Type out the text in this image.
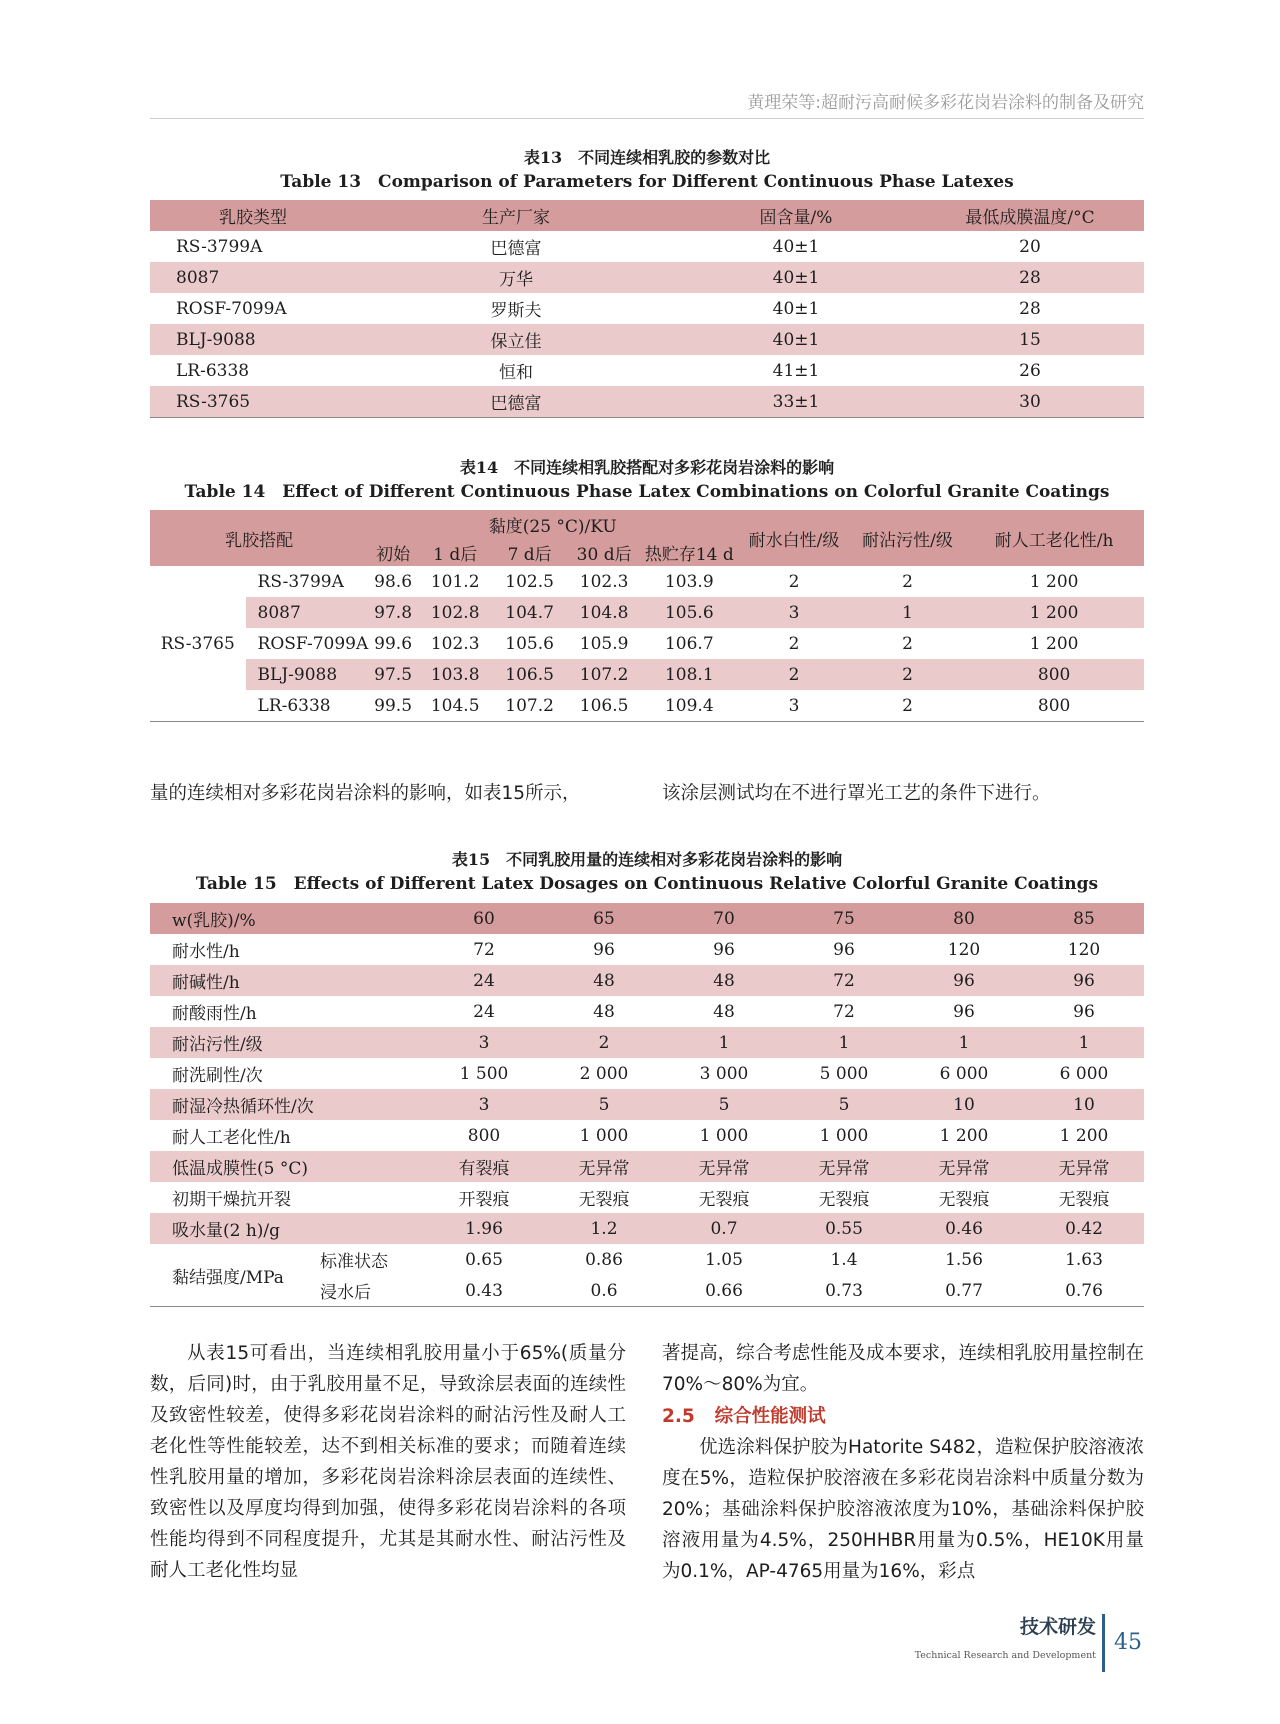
黄理荣等:超耐污高耐候多彩花岗岩涂料的制备及研究
表13　不同连续相乳胶的参数对比
Table 13　Comparison of Parameters for Different Continuous Phase Latexes
乳胶类型	生产厂家	固含量/%	最低成膜温度/°C
RS-3799A	巴德富	40±1	20
8087	万华	40±1	28
ROSF-7099A	罗斯夫	40±1	28
BLJ-9088	保立佳	40±1	15
LR-6338	恒和	41±1	26
RS-3765	巴德富	33±1	30
表14　不同连续相乳胶搭配对多彩花岗岩涂料的影响
Table 14　Effect of Different Continuous Phase Latex Combinations on Colorful Granite Coatings
乳胶搭配		黏度(25 °C)/KU					耐水白性/级	耐沾污性/级	耐人工老化性/h
		初始	1 d后	7 d后	30 d后	热贮存14 d			
RS-3765	RS-3799A	98.6	101.2	102.5	102.3	103.9	2	2	1 200
	8087	97.8	102.8	104.7	104.8	105.6	3	1	1 200
	ROSF-7099A	99.6	102.3	105.6	105.9	106.7	2	2	1 200
	BLJ-9088	97.5	103.8	106.5	107.2	108.1	2	2	800
	LR-6338	99.5	104.5	107.2	106.5	109.4	3	2	800
量的连续相对多彩花岗岩涂料的影响，如表15所示，	该涂层测试均在不进行罩光工艺的条件下进行。
表15　不同乳胶用量的连续相对多彩花岗岩涂料的影响
Table 15　Effects of Different Latex Dosages on Continuous Relative Colorful Granite Coatings
w(乳胶)/%		60	65	70	75	80	85
耐水性/h		72	96	96	96	120	120
耐碱性/h		24	48	48	72	96	96
耐酸雨性/h		24	48	48	72	96	96
耐沾污性/级		3	2	1	1	1	1
耐洗刷性/次		1 500	2 000	3 000	5 000	6 000	6 000
耐湿冷热循环性/次		3	5	5	5	10	10
耐人工老化性/h		800	1 000	1 000	1 000	1 200	1 200
低温成膜性(5 °C)		有裂痕	无异常	无异常	无异常	无异常	无异常
初期干燥抗开裂		开裂痕	无裂痕	无裂痕	无裂痕	无裂痕	无裂痕
吸水量(2 h)/g		1.96	1.2	0.7	0.55	0.46	0.42
黏结强度/MPa	标准状态	0.65	0.86	1.05	1.4	1.56	1.63
	浸水后	0.43	0.6	0.66	0.73	0.77	0.76
从表15可看出，当连续相乳胶用量小于65%(质量分数，后同)时，由于乳胶用量不足，导致涂层表面的连续性及致密性较差，使得多彩花岗岩涂料的耐沾污性及耐人工老化性等性能较差，达不到相关标准的要求；而随着连续性乳胶用量的增加，多彩花岗岩涂料涂层表面的连续性、致密性以及厚度均得到加强，使得多彩花岗岩涂料的各项性能均得到不同程度提升，尤其是其耐水性、耐沾污性及耐人工老化性均显
著提高，综合考虑性能及成本要求，连续相乳胶用量控制在70%～80%为宜。
2.5 综合性能测试
优选涂料保护胶为Hatorite S482，造粒保护胶溶液浓度在5%，造粒保护胶溶液在多彩花岗岩涂料中质量分数为20%；基础涂料保护胶溶液浓度为10%，基础涂料保护胶溶液用量为4.5%，250HHBR用量为0.5%，HE10K用量为0.1%，AP-4765用量为16%，彩点
技术研发
Technical Research and Development
45
